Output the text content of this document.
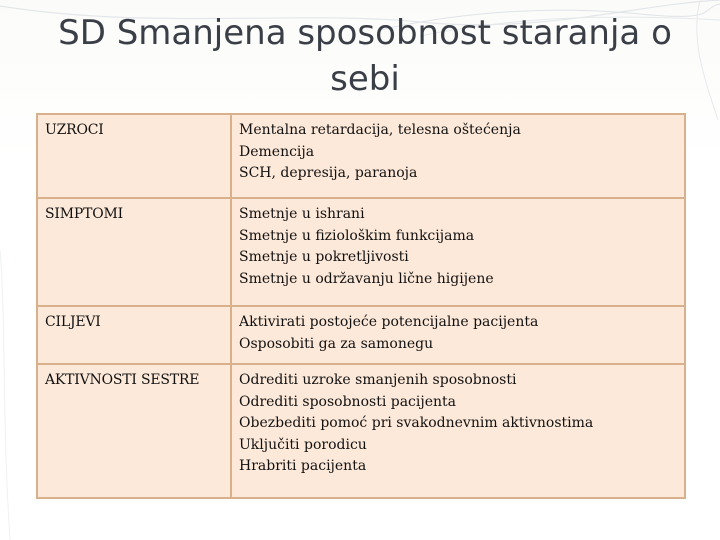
SD Smanjena sposobnost staranja o sebi
UZROCI	Mentalna retardacija, telesna oštećenja
Demencija
SCH, depresija, paranoja

SIMPTOMI	Smetnje u ishrani
Smetnje u fiziološkim funkcijama
Smetnje u pokretljivosti
Smetnje u održavanju lične higijene

CILJEVI	Aktivirati postojeće potencijalne pacijenta
Osposobiti ga za samonegu

AKTIVNOSTI SESTRE	Odrediti uzroke smanjenih sposobnosti
Odrediti sposobnosti pacijenta
Obezbediti pomoć pri svakodnevnim aktivnostima
Uključiti porodicu
Hrabriti pacijenta
